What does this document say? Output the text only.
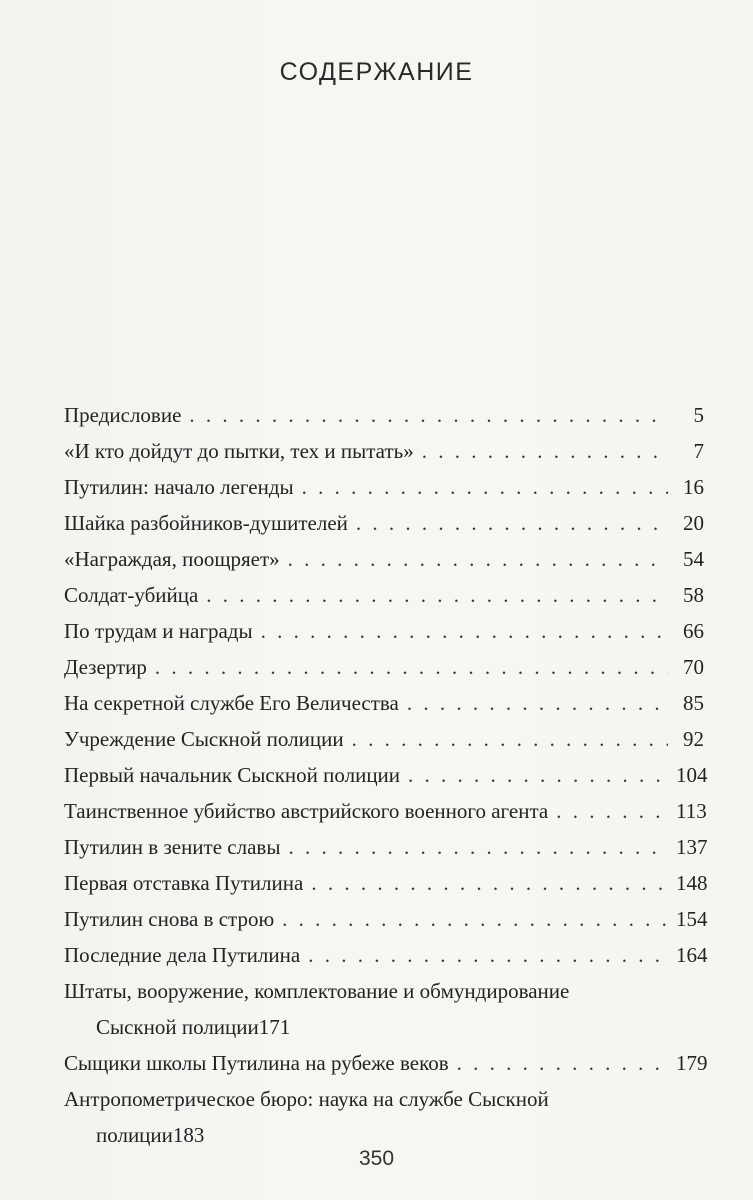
СОДЕРЖАНИЕ
Предисловие . . .	5
«И кто дойдут до пытки, тех и пытать» . . .	7
Путилин: начало легенды . . .	16
Шайка разбойников-душителей . . .	20
«Награждая, поощряет» . . .	54
Солдат-убийца . . .	58
По трудам и награды . . .	66
Дезертир . . .	70
На секретной службе Его Величества . . .	85
Учреждение Сыскной полиции . . .	92
Первый начальник Сыскной полиции . . .	104
Таинственное убийство австрийского военного агента . . .	113
Путилин в зените славы . . .	137
Первая отставка Путилина . . .	148
Путилин снова в строю . . .	154
Последние дела Путилина . . .	164
Штаты, вооружение, комплектование и обмундирование
Сыскной полиции 171
Сыщики школы Путилина на рубеже веков . . .	179
Антропометрическое бюро: наука на службе Сыскной
полиции 183
350
